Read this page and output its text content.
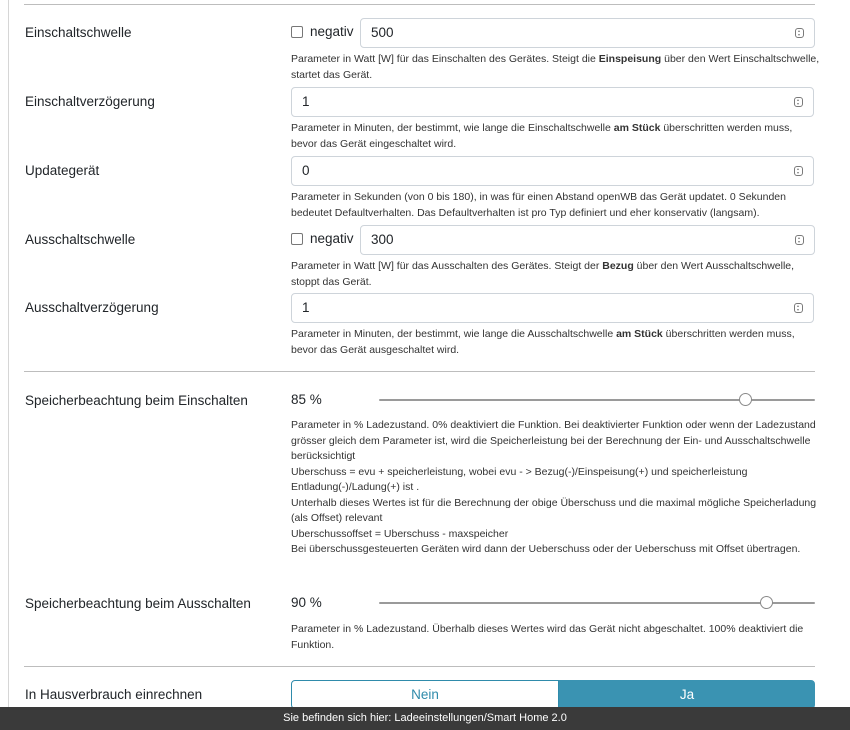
Einschaltschwelle	negativ 500
Parameter in Watt [W] für das Einschalten des Gerätes. Steigt die Einspeisung über den Wert Einschaltschwelle, startet das Gerät.
Einschaltverzögerung	1
Parameter in Minuten, der bestimmt, wie lange die Einschaltschwelle am Stück überschritten werden muss, bevor das Gerät eingeschaltet wird.
Updategerät	0
Parameter in Sekunden (von 0 bis 180), in was für einen Abstand openWB das Gerät updatet. 0 Sekunden bedeutet Defaultverhalten. Das Defaultverhalten ist pro Typ definiert und eher konservativ (langsam).
Ausschaltschwelle	negativ 300
Parameter in Watt [W] für das Ausschalten des Gerätes. Steigt der Bezug über den Wert Ausschaltschwelle, stoppt das Gerät.
Ausschaltverzögerung	1
Parameter in Minuten, der bestimmt, wie lange die Ausschaltschwelle am Stück überschritten werden muss, bevor das Gerät ausgeschaltet wird.
Speicherbeachtung beim Einschalten	85 %

Parameter in % Ladezustand. 0% deaktiviert die Funktion. Bei deaktivierter Funktion oder wenn der Ladezustand grösser gleich dem Parameter ist, wird die Speicherleistung bei der Berechnung der Ein- und Ausschaltschwelle berücksichtigt

Uberschuss = evu + speicherleistung, wobei evu - > Bezug(-)/Einspeisung(+) und speicherleistung Entladung(-)/Ladung(+) ist .

Unterhalb dieses Wertes ist für die Berechnung der obige Überschuss und die maximal mögliche Speicherladung (als Offset) relevant

Uberschussoffset = Uberschuss - maxspeicher

Bei überschussgesteuerten Geräten wird dann der Ueberschuss oder der Ueberschuss mit Offset übertragen.

Speicherbeachtung beim Ausschalten	90 %
Parameter in % Ladezustand. Überhalb dieses Wertes wird das Gerät nicht abgeschaltet. 100% deaktiviert die Funktion.
In Hausverbrauch einrechnen	Nein	Ja
Sie befinden sich hier: Ladeeinstellungen/Smart Home 2.0
